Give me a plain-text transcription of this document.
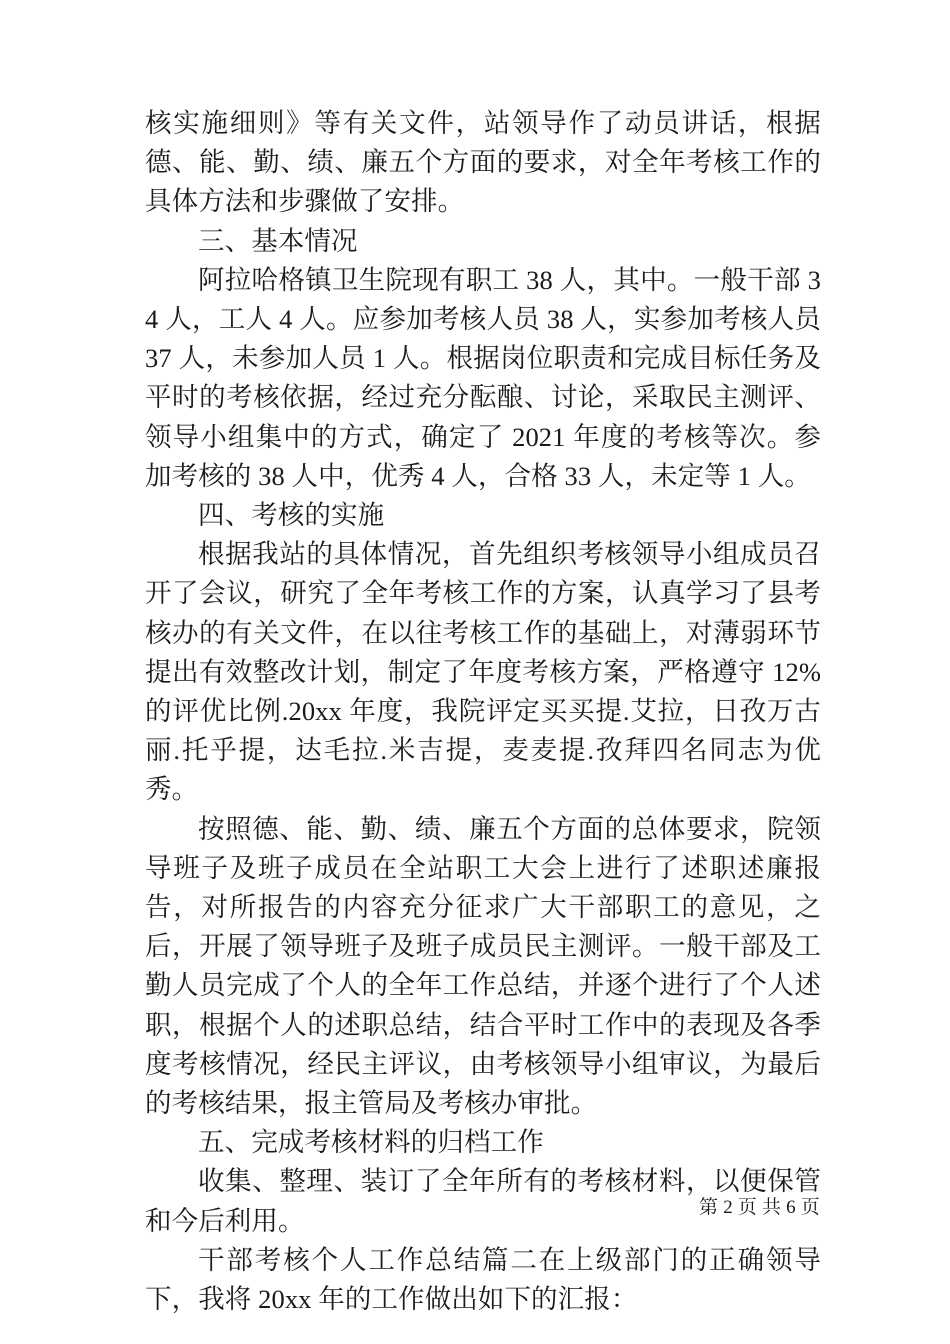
核实施细则》等有关文件，站领导作了动员讲话，根据德、能、勤、绩、廉五个方面的要求，对全年考核工作的具体方法和步骤做了安排。

三、基本情况

阿拉哈格镇卫生院现有职工 38 人，其中。一般干部 34 人，工人 4 人。应参加考核人员 38 人，实参加考核人员 37 人，未参加人员 1 人。根据岗位职责和完成目标任务及平时的考核依据，经过充分酝酿、讨论，采取民主测评、领导小组集中的方式，确定了 2021 年度的考核等次。参加考核的 38 人中，优秀 4 人，合格 33 人，未定等 1 人。

四、考核的实施

根据我站的具体情况，首先组织考核领导小组成员召开了会议，研究了全年考核工作的方案，认真学习了县考核办的有关文件，在以往考核工作的基础上，对薄弱环节提出有效整改计划，制定了年度考核方案，严格遵守 12%的评优比例.20xx 年度，我院评定买买提.艾拉，日孜万古丽.托乎提，达毛拉.米吉提，麦麦提.孜拜四名同志为优秀。

按照德、能、勤、绩、廉五个方面的总体要求，院领导班子及班子成员在全站职工大会上进行了述职述廉报告，对所报告的内容充分征求广大干部职工的意见，之后，开展了领导班子及班子成员民主测评。一般干部及工勤人员完成了个人的全年工作总结，并逐个进行了个人述职，根据个人的述职总结，结合平时工作中的表现及各季度考核情况，经民主评议，由考核领导小组审议，为最后的考核结果，报主管局及考核办审批。

五、完成考核材料的归档工作

收集、整理、装订了全年所有的考核材料，以便保管和今后利用。

干部考核个人工作总结篇二在上级部门的正确领导下，我将 20xx 年的工作做出如下的汇报：

第 2 页 共 6 页
